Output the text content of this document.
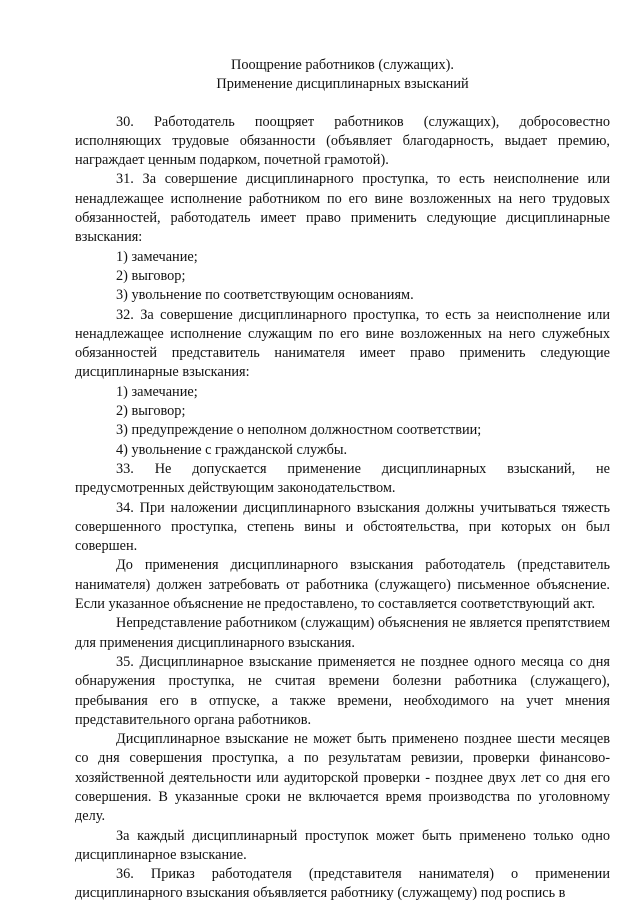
Поощрение работников (служащих).

Применение дисциплинарных взысканий

30. Работодатель поощряет работников (служащих), добросовестно исполняющих трудовые обязанности (объявляет благодарность, выдает премию, награждает ценным подарком, почетной грамотой).

31. За совершение дисциплинарного проступка, то есть неисполнение или ненадлежащее исполнение работником по его вине возложенных на него трудовых обязанностей, работодатель имеет право применить следующие дисциплинарные взыскания:

1) замечание;

2) выговор;

3) увольнение по соответствующим основаниям.

32. За совершение дисциплинарного проступка, то есть за неисполнение или ненадлежащее исполнение служащим по его вине возложенных на него служебных обязанностей представитель нанимателя имеет право применить следующие дисциплинарные взыскания:

1) замечание;

2) выговор;

3) предупреждение о неполном должностном соответствии;

4) увольнение с гражданской службы.

33. Не допускается применение дисциплинарных взысканий, не предусмотренных действующим законодательством.

34. При наложении дисциплинарного взыскания должны учитываться тяжесть совершенного проступка, степень вины и обстоятельства, при которых он был совершен.

До применения дисциплинарного взыскания работодатель (представитель нанимателя) должен затребовать от работника (служащего) письменное объяснение. Если указанное объяснение не предоставлено, то составляется соответствующий акт.

Непредставление работником (служащим) объяснения не является препятствием для применения дисциплинарного взыскания.

35. Дисциплинарное взыскание применяется не позднее одного месяца со дня обнаружения проступка, не считая времени болезни работника (служащего), пребывания его в отпуске, а также времени, необходимого на учет мнения представительного органа работников.

Дисциплинарное взыскание не может быть применено позднее шести месяцев со дня совершения проступка, а по результатам ревизии, проверки финансово-хозяйственной деятельности или аудиторской проверки - позднее двух лет со дня его совершения. В указанные сроки не включается время производства по уголовному делу.

За каждый дисциплинарный проступок может быть применено только одно дисциплинарное взыскание.

36. Приказ работодателя (представителя нанимателя) о применении дисциплинарного взыскания объявляется работнику (служащему) под роспись в
